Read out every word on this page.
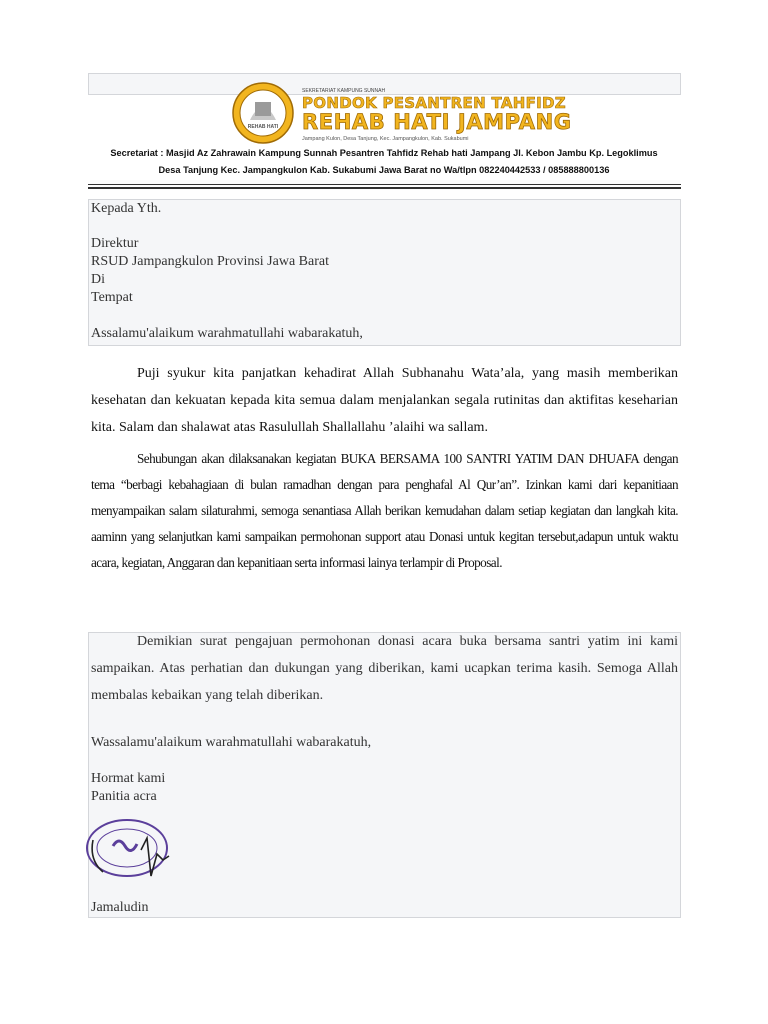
REHAB HATI
SEKRETARIAT KAMPUNG SUNNAH
PONDOK PESANTREN TAHFIDZ
REHAB HATI JAMPANG
Jampang Kulon, Desa Tanjung, Kec. Jampangkulon, Kab. Sukabumi
Secretariat : Masjid Az Zahrawain Kampung Sunnah Pesantren Tahfidz Rehab hati Jampang Jl. Kebon Jambu Kp. Legoklimus
Desa Tanjung Kec. Jampangkulon Kab. Sukabumi Jawa Barat no Wa/tlpn 082240442533 / 085888800136
Kepada Yth.
Direktur
RSUD Jampangkulon Provinsi Jawa Barat
Di
Tempat
Assalamu'alaikum warahmatullahi wabarakatuh,

Puji syukur kita panjatkan kehadirat Allah Subhanahu Wata’ala, yang masih memberikan kesehatan dan kekuatan kepada kita semua dalam menjalankan segala rutinitas dan aktifitas keseharian kita. Salam dan shalawat atas Rasulullah Shallallahu ’alaihi wa sallam.

Sehubungan akan dilaksanakan kegiatan BUKA BERSAMA 100 SANTRI YATIM DAN DHUAFA dengan tema “berbagi kebahagiaan di bulan ramadhan dengan para penghafal Al Qur’an”. Izinkan kami dari kepanitiaan menyampaikan salam silaturahmi, semoga senantiasa Allah berikan kemudahan dalam setiap kegiatan dan langkah kita. aaminn yang selanjutkan kami sampaikan permohonan support atau Donasi untuk kegitan tersebut,adapun untuk waktu acara, kegiatan, Anggaran dan kepanitiaan serta informasi lainya terlampir di Proposal.

Demikian surat pengajuan permohonan donasi acara buka bersama santri yatim ini kami sampaikan. Atas perhatian dan dukungan yang diberikan, kami ucapkan terima kasih. Semoga Allah membalas kebaikan yang telah diberikan.

Wassalamu'alaikum warahmatullahi wabarakatuh,
Hormat kami
Panitia acra
Jamaludin
